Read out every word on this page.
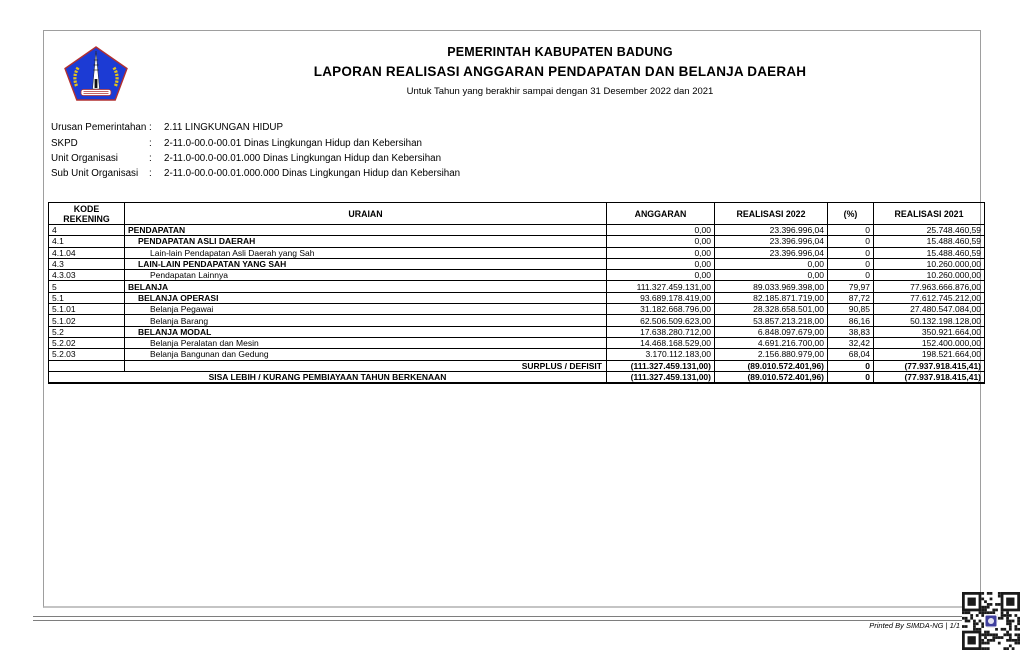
PEMERINTAH KABUPATEN BADUNG
LAPORAN REALISASI ANGGARAN PENDAPATAN DAN BELANJA DAERAH
Untuk Tahun yang berakhir sampai dengan 31 Desember 2022 dan 2021
Urusan Pemerintahan :	2.11 LINGKUNGAN HIDUP
SKPD	:	2-11.0-00.0-00.01 Dinas Lingkungan Hidup dan Kebersihan
Unit Organisasi	:	2-11.0-00.0-00.01.000 Dinas Lingkungan Hidup dan Kebersihan
Sub Unit Organisasi	:	2-11.0-00.0-00.01.000.000 Dinas Lingkungan Hidup dan Kebersihan
KODE REKENING	URAIAN	ANGGARAN	REALISASI 2022	(%)	REALISASI 2021
4	PENDAPATAN	0,00	23.396.996,04	0	25.748.460,59
4.1	PENDAPATAN ASLI DAERAH	0,00	23.396.996,04	0	15.488.460,59
4.1.04	Lain-lain Pendapatan Asli Daerah yang Sah	0,00	23.396.996,04	0	15.488.460,59
4.3	LAIN-LAIN PENDAPATAN YANG SAH	0,00	0,00	0	10.260.000,00
4.3.03	Pendapatan Lainnya	0,00	0,00	0	10.260.000,00
5	BELANJA	111.327.459.131,00	89.033.969.398,00	79,97	77.963.666.876,00
5.1	BELANJA OPERASI	93.689.178.419,00	82.185.871.719,00	87,72	77.612.745.212,00
5.1.01	Belanja Pegawai	31.182.668.796,00	28.328.658.501,00	90,85	27.480.547.084,00
5.1.02	Belanja Barang	62.506.509.623,00	53.857.213.218,00	86,16	50.132.198.128,00
5.2	BELANJA MODAL	17.638.280.712,00	6.848.097.679,00	38,83	350.921.664,00
5.2.02	Belanja Peralatan dan Mesin	14.468.168.529,00	4.691.216.700,00	32,42	152.400.000,00
5.2.03	Belanja Bangunan dan Gedung	3.170.112.183,00	2.156.880.979,00	68,04	198.521.664,00
	SURPLUS / DEFISIT	(111.327.459.131,00)	(89.010.572.401,96)	0	(77.937.918.415,41)
SISA LEBIH / KURANG PEMBIAYAAN TAHUN BERKENAAN		(111.327.459.131,00)	(89.010.572.401,96)	0	(77.937.918.415,41)
Printed By SIMDA-NG | 1/1
